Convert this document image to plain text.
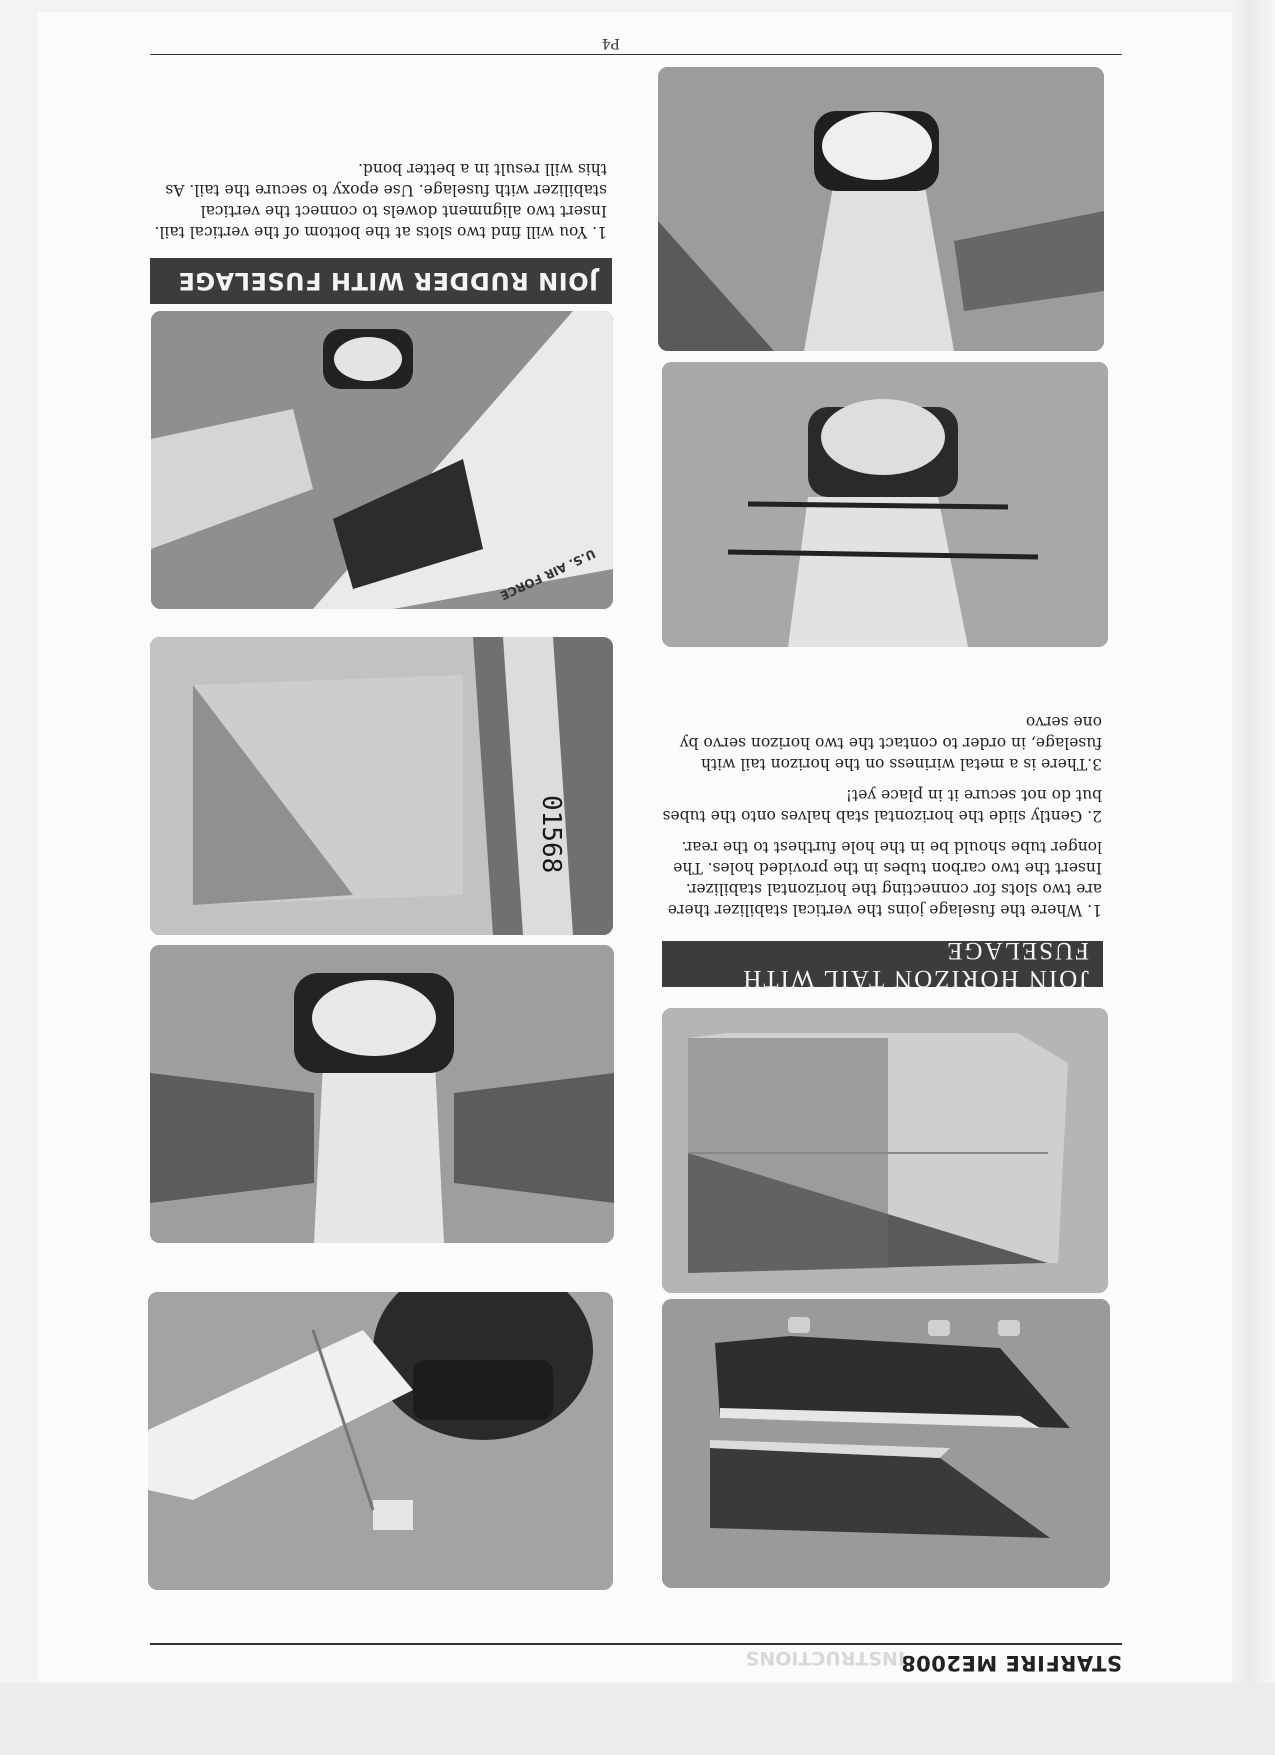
STARFIRE ME2008
INSTRUCTIONS
JOIN HORIZON TAIL WITH FUSELAGE

1. Where the fuselage joins the vertical stabilizer there are two slots for connecting the horizontal stabilizer. Insert the two carbon tubes in the provided holes. The longer tube should be in the hole furthest to the rear.

2. Gently slide the horizontal stab halves onto the tubes but do not secure it in place yet!

3.There is a metal wiriness on the horizon tail with fuselage, in order to contact the two horizon servo by one servo

01568
U.S. AIR FORCE
JOIN RUDDER WITH FUSELAGE

1. You will find two slots at the bottom of the vertical tail. Insert two alignment dowels to connect the vertical stabilizer with fuselage. Use epoxy to secure the tail. As this will result in a better bond.

P4
